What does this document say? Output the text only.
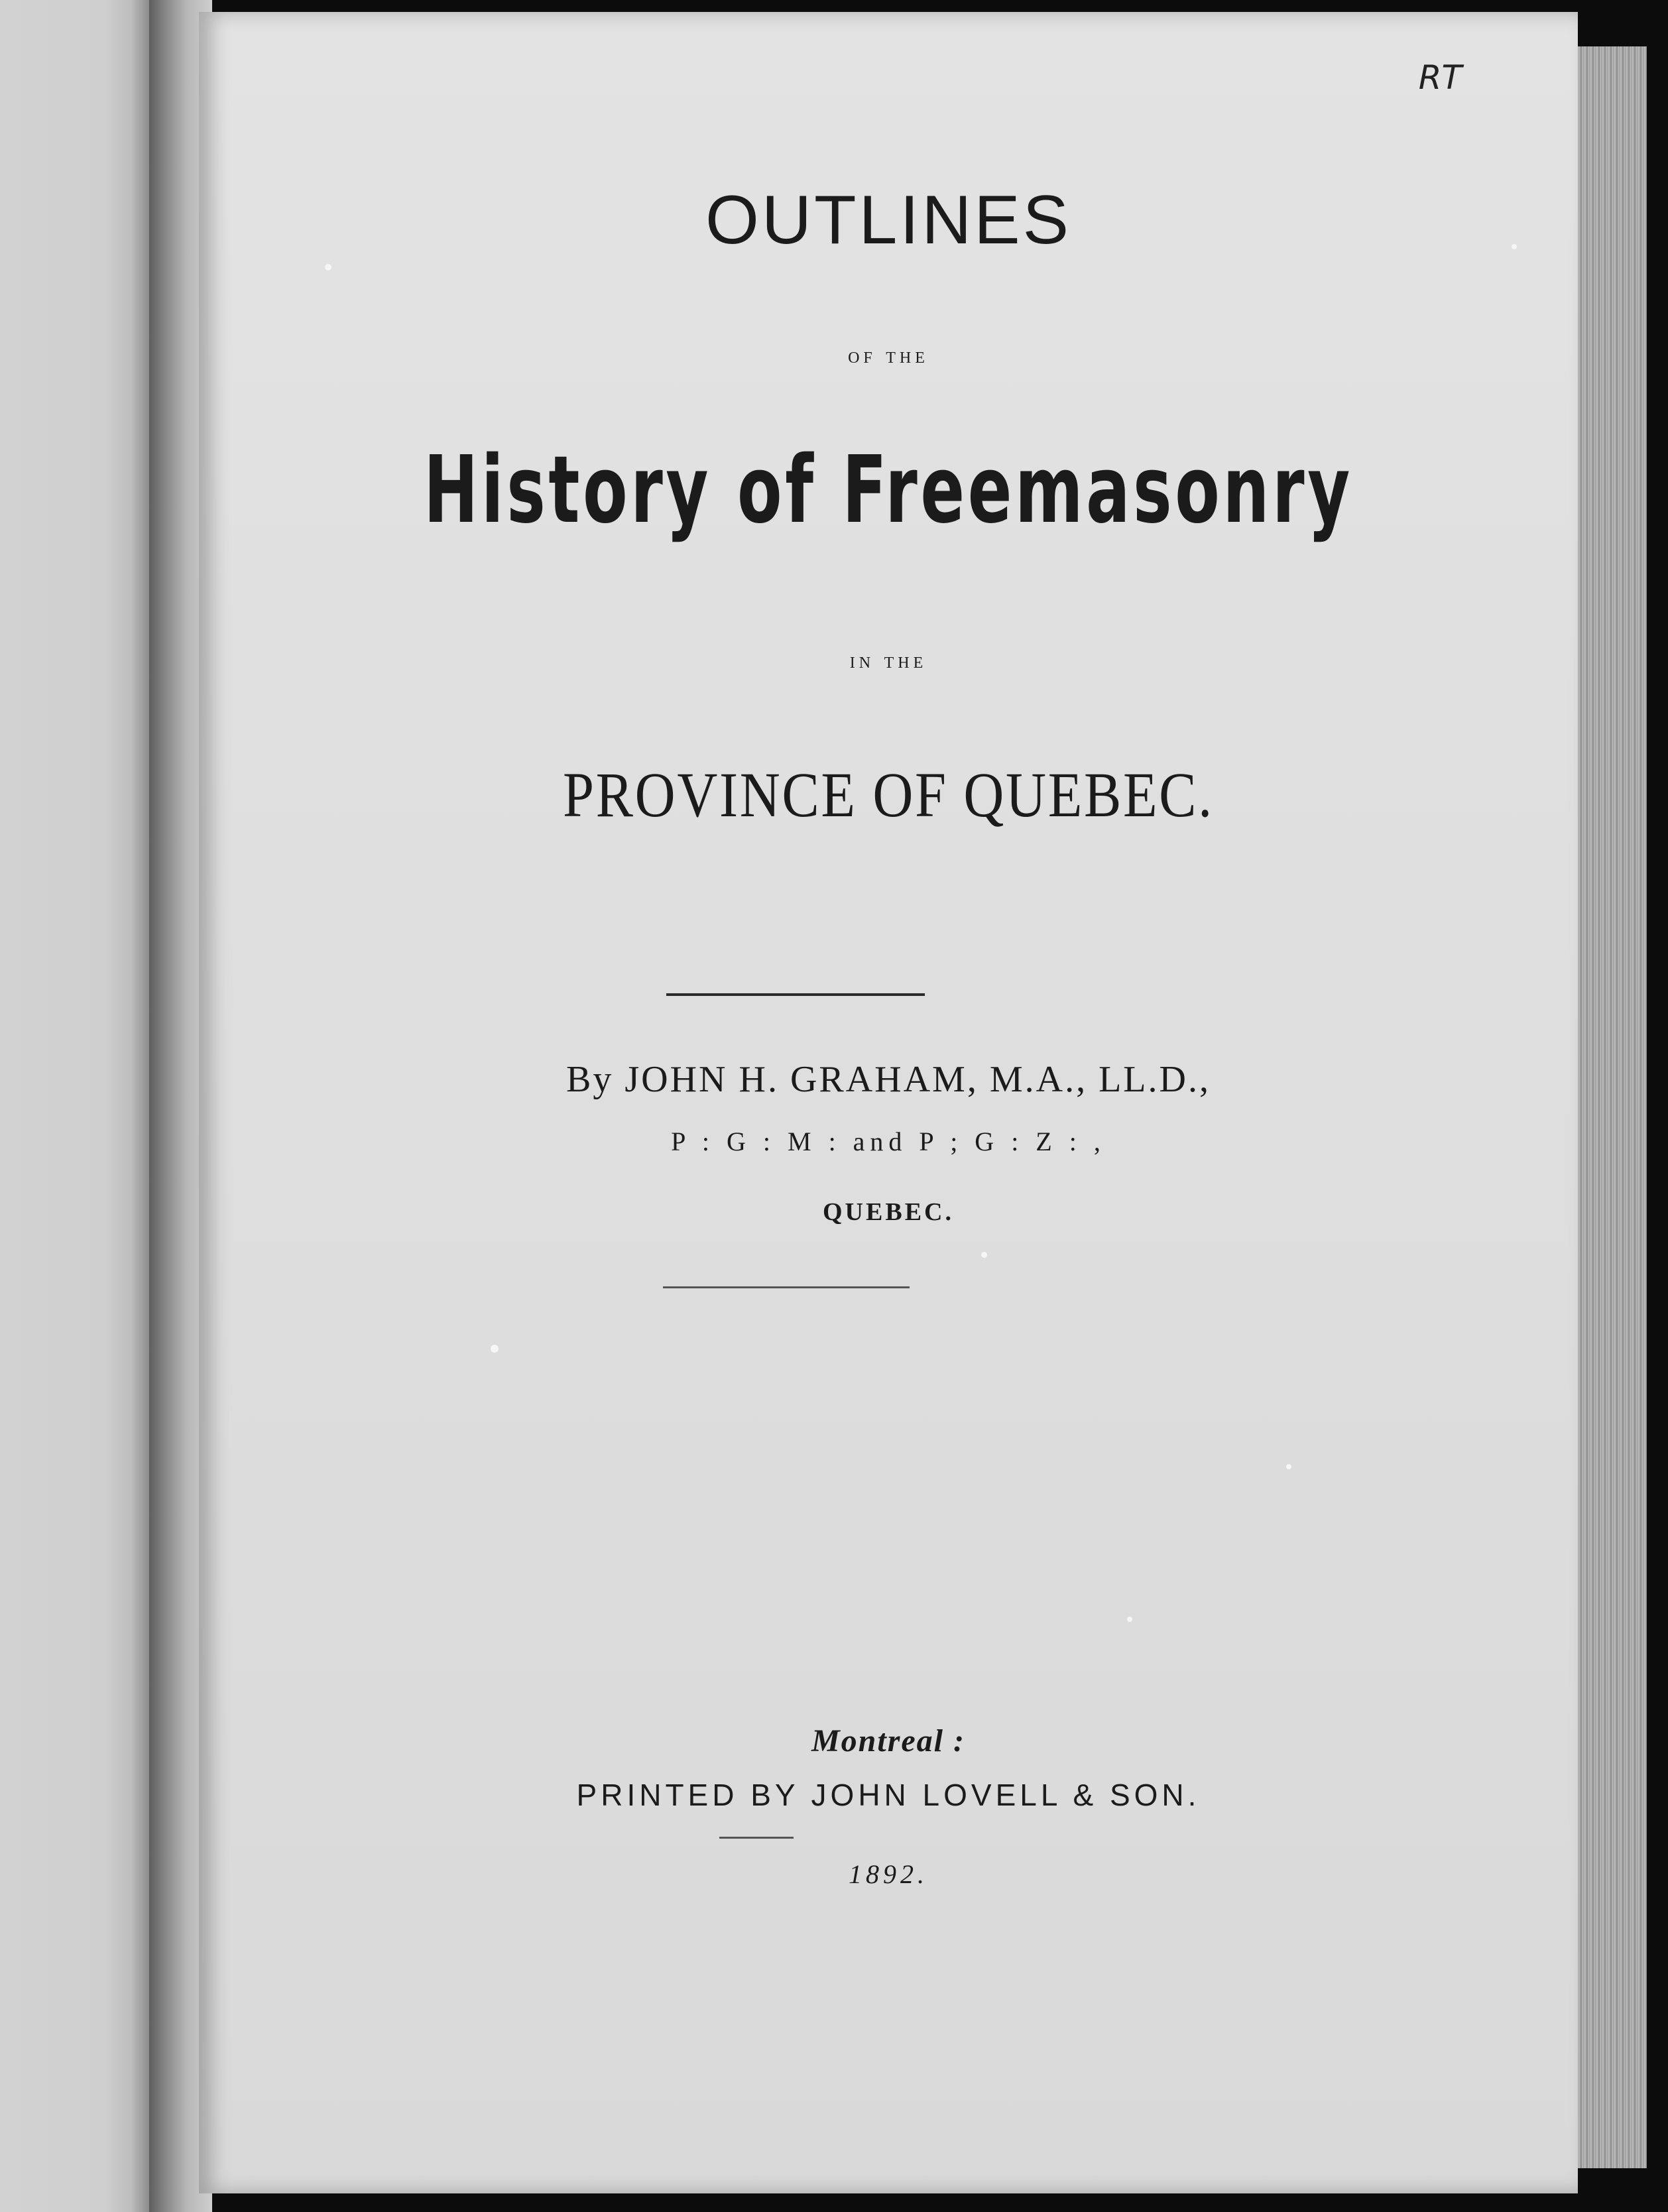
RT
OUTLINES
of the
History of Freemasonry
in the
PROVINCE OF QUEBEC.
By JOHN H. GRAHAM, M.A., LL.D.,
P : G : M : and P ; G : Z : ,
QUEBEC.
Montreal :
PRINTED BY JOHN LOVELL & SON.
1892.
